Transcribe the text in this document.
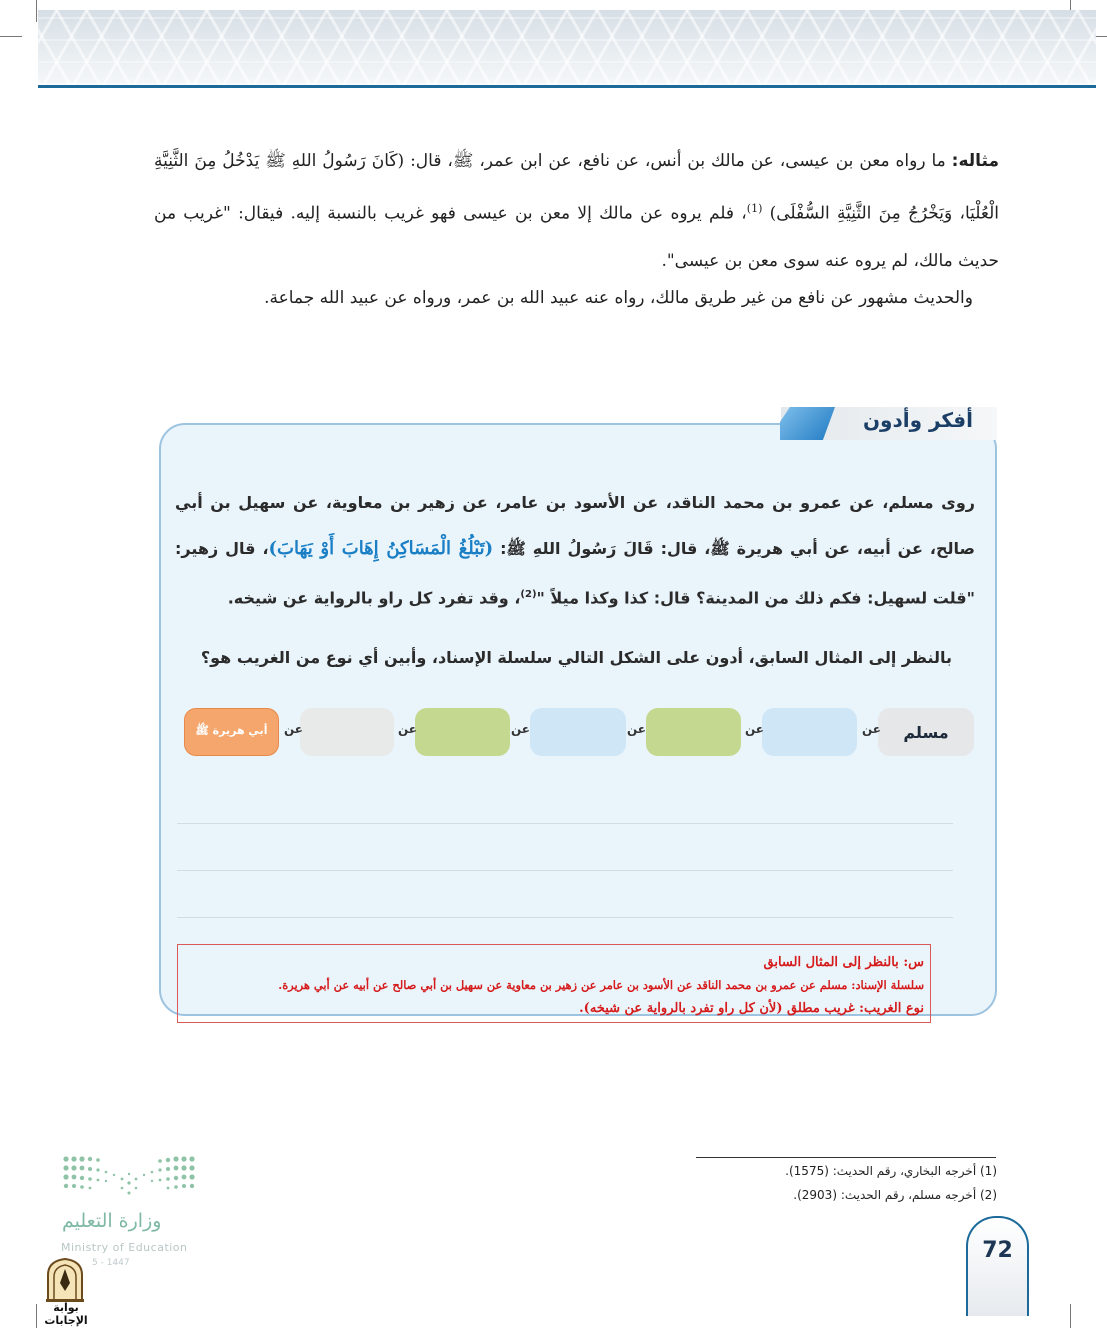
مثاله: ما رواه معن بن عيسى، عن مالك بن أنس، عن نافع، عن ابن عمر، ﷺ، قال: (كَانَ رَسُولُ اللهِ ﷺ يَدْخُلُ مِنَ الثَّنِيَّةِ الْعُلْيَا، وَيَخْرُجُ مِنَ الثَّنِيَّةِ السُّفْلَى) $^{(1)}$، فلم يروه عن مالك إلا معن بن عيسى فهو غريب بالنسبة إليه. فيقال: "غريب من حديث مالك، لم يروه عنه سوى معن بن عيسى".

والحديث مشهور عن نافع من غير طريق مالك، رواه عنه عبيد الله بن عمر، ورواه عن عبيد الله جماعة.

أفكر وأدون

روى مسلم، عن عمرو بن محمد الناقد، عن الأسود بن عامر، عن زهير بن معاوية، عن سهيل بن أبي صالح، عن أبيه، عن أبي هريرة ﷺ، قال: قَالَ رَسُولُ اللهِ ﷺ: (تَبْلُغُ الْمَسَاكِنُ إِهَابَ أَوْ يَهَابَ)، قال زهير: "قلت لسهيل: فكم ذلك من المدينة؟ قال: كذا وكذا ميلاً "$^{(2)}$، وقد تفرد كل راو بالرواية عن شيخه.

بالنظر إلى المثال السابق، أدون على الشكل التالي سلسلة الإسناد، وأبين أي نوع من الغريب هو؟
مسلم
عن
عن
عن
عن
عن
عن
أبي هريرة ﷺ
س: بالنظر إلى المثال السابق
سلسلة الإسناد: مسلم عن عمرو بن محمد الناقد عن الأسود بن عامر عن زهير بن معاوية عن سهيل بن أبي صالح عن أبيه عن أبي هريرة.
نوع الغريب: غريب مطلق (لأن كل راو تفرد بالرواية عن شيخه).
(1) أخرجه البخاري، رقم الحديث: (1575).
(2) أخرجه مسلم، رقم الحديث: (2903).
72
وزارة التعليم
Ministry of Education
5 - 1447
بوابة الإجابات
